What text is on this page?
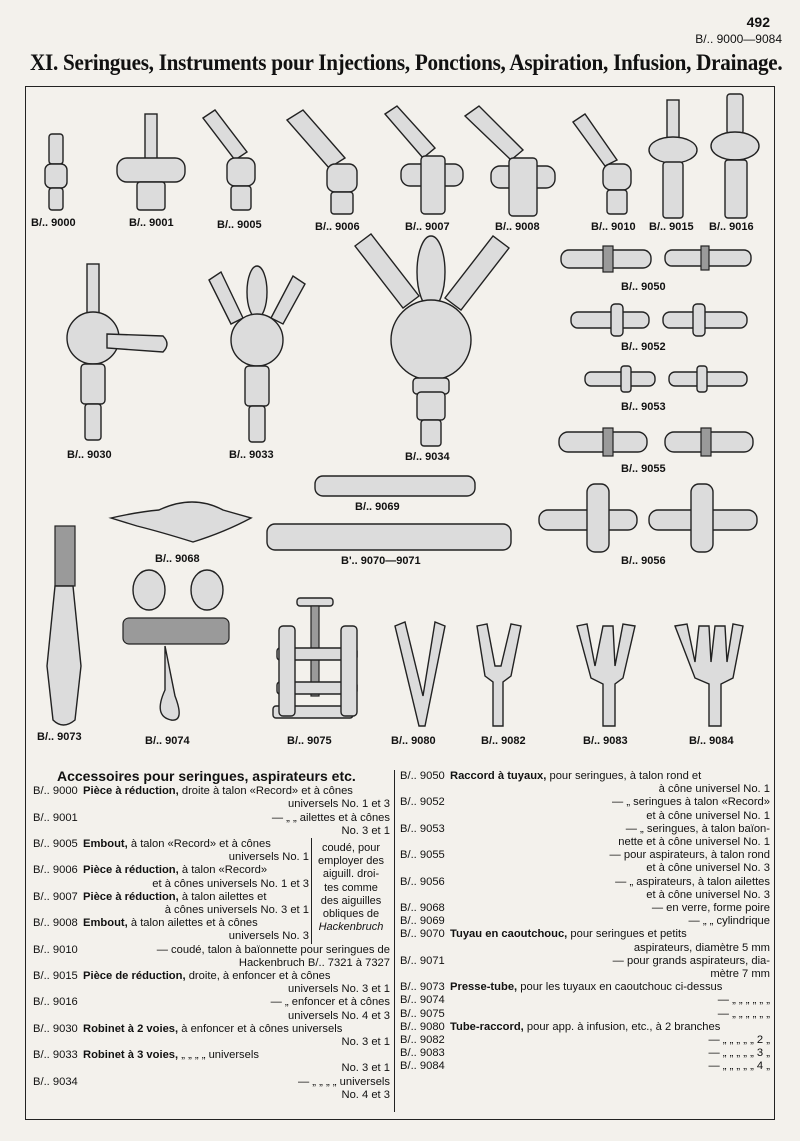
492
B/.. 9000—9084
XI. Seringues, Instruments pour Injections, Ponctions, Aspiration, Infusion, Drainage.
B/.. 9000	B/.. 9001	B/.. 9005	B/.. 9006	B/.. 9007	B/.. 9008	B/.. 9010 B/.. 9015 B/.. 9016
B/.. 9050
B/.. 9052
B/.. 9053
B/.. 9055
B/.. 9030	B/.. 9033	B/.. 9034
B/.. 9069
B/.. 9068	B'.. 9070—9071	B/.. 9056
B/.. 9073	B/.. 9074	B/.. 9075	B/.. 9080	B/.. 9082	B/.. 9083	B/.. 9084
Accessoires pour seringues, aspirateurs etc.
B/.. 9000 Pièce à réduction, droite à talon «Record» et à cônes
universels No. 1 et 3
B/.. 9001	— „ „ ailettes et à cônes
No. 3 et 1
B/.. 9005 Embout, à talon «Record» et à cônes
universels No. 1
B/.. 9006 Pièce à réduction, à talon «Record»
et à cônes universels No. 1 et 3
B/.. 9007 Pièce à réduction, à talon ailettes et
à cônes universels No. 3 et 1
B/.. 9008 Embout, à talon ailettes et à cônes
universels No. 3
coudé, pour
employer des
aiguill. droi-
tes comme
des aiguilles
obliques de
Hackenbruch
B/.. 9010	— coudé, talon à baïonnette pour seringues de
Hackenbruch B/.. 7321 à 7327
B/.. 9015 Pièce de réduction, droite, à enfoncer et à cônes
universels No. 3 et 1
B/.. 9016	— „ enfoncer et à cônes
universels No. 4 et 3
B/.. 9030 Robinet à 2 voies, à enfoncer et à cônes universels
No. 3 et 1
B/.. 9033 Robinet à 3 voies, „ „ „ „ universels
No. 3 et 1
B/.. 9034	— „ „ „ „ universels
No. 4 et 3
B/.. 9050 Raccord à tuyaux, pour seringues, à talon rond et
à cône universel No. 1
B/.. 9052	— „ seringues à talon «Record»
et à cône universel No. 1
B/.. 9053	— „ seringues, à talon baïon-
nette et à cône universel No. 1
B/.. 9055	— pour aspirateurs, à talon rond
et à cône universel No. 3
B/.. 9056	— „ aspirateurs, à talon ailettes
et à cône universel No. 3
B/.. 9068	— en verre, forme poire
B/.. 9069	— „ „ cylindrique
B/.. 9070 Tuyau en caoutchouc, pour seringues et petits
aspirateurs, diamètre 5 mm
B/.. 9071	— pour grands aspirateurs, dia-
mètre 7 mm
B/.. 9073 Presse-tube, pour les tuyaux en caoutchouc ci-dessus
B/.. 9074	— „ „ „ „ „ „
B/.. 9075	— „ „ „ „ „ „
B/.. 9080 Tube-raccord, pour app. à infusion, etc., à 2 branches
B/.. 9082	— „ „ „ „ „ 2 „
B/.. 9083	— „ „ „ „ „ 3 „
B/.. 9084	— „ „ „ „ „ 4 „
